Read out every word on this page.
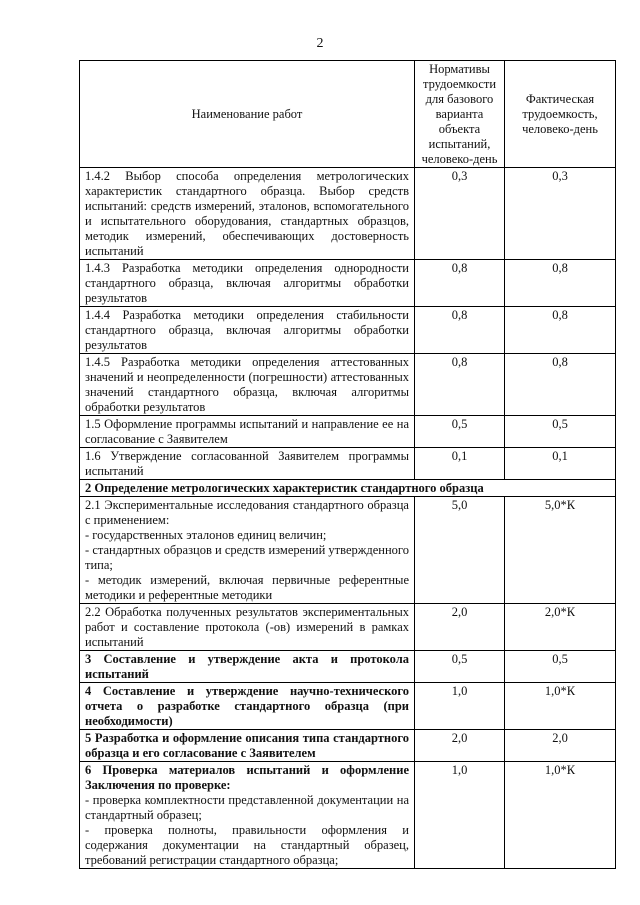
2
Наименование работ	Нормативы трудоемкости для базового варианта объекта испытаний, человеко-день	Фактическая трудоемкость, человеко-день

1.4.2 Выбор способа определения метрологических характеристик стандартного образца. Выбор средств испытаний: средств измерений, эталонов, вспомогательного и испытательного оборудования, стандартных образцов, методик измерений, обеспечивающих достоверность испытаний	0,3	0,3

1.4.3 Разработка методики определения однородности стандартного образца, включая алгоритмы обработки результатов	0,8	0,8

1.4.4 Разработка методики определения стабильности стандартного образца, включая алгоритмы обработки результатов	0,8	0,8

1.4.5 Разработка методики определения аттестованных значений и неопределенности (погрешности) аттестованных значений стандартного образца, включая алгоритмы обработки результатов	0,8	0,8

1.5 Оформление программы испытаний и направление ее на согласование с Заявителем	0,5	0,5

1.6 Утверждение согласованной Заявителем программы испытаний	0,1	0,1
2 Определение метрологических характеристик стандартного образца		

2.1 Экспериментальные исследования стандартного образца с применением:
- государственных эталонов единиц величин;
- стандартных образцов и средств измерений утвержденного типа;
- методик измерений, включая первичные референтные методики и референтные методики	5,0	5,0*К

2.2 Обработка полученных результатов экспериментальных работ и составление протокола (-ов) измерений в рамках испытаний	2,0	2,0*К

3 Составление и утверждение акта и протокола испытаний	0,5	0,5

4 Составление и утверждение научно-технического отчета о разработке стандартного образца (при необходимости)	1,0	1,0*К

5 Разработка и оформление описания типа стандартного образца и его согласование с Заявителем	2,0	2,0

6 Проверка материалов испытаний и оформление Заключения по проверке:
- проверка комплектности представленной документации на стандартный образец;
- проверка полноты, правильности оформления и содержания документации на стандартный образец, требований регистрации стандартного образца;	1,0	1,0*К
